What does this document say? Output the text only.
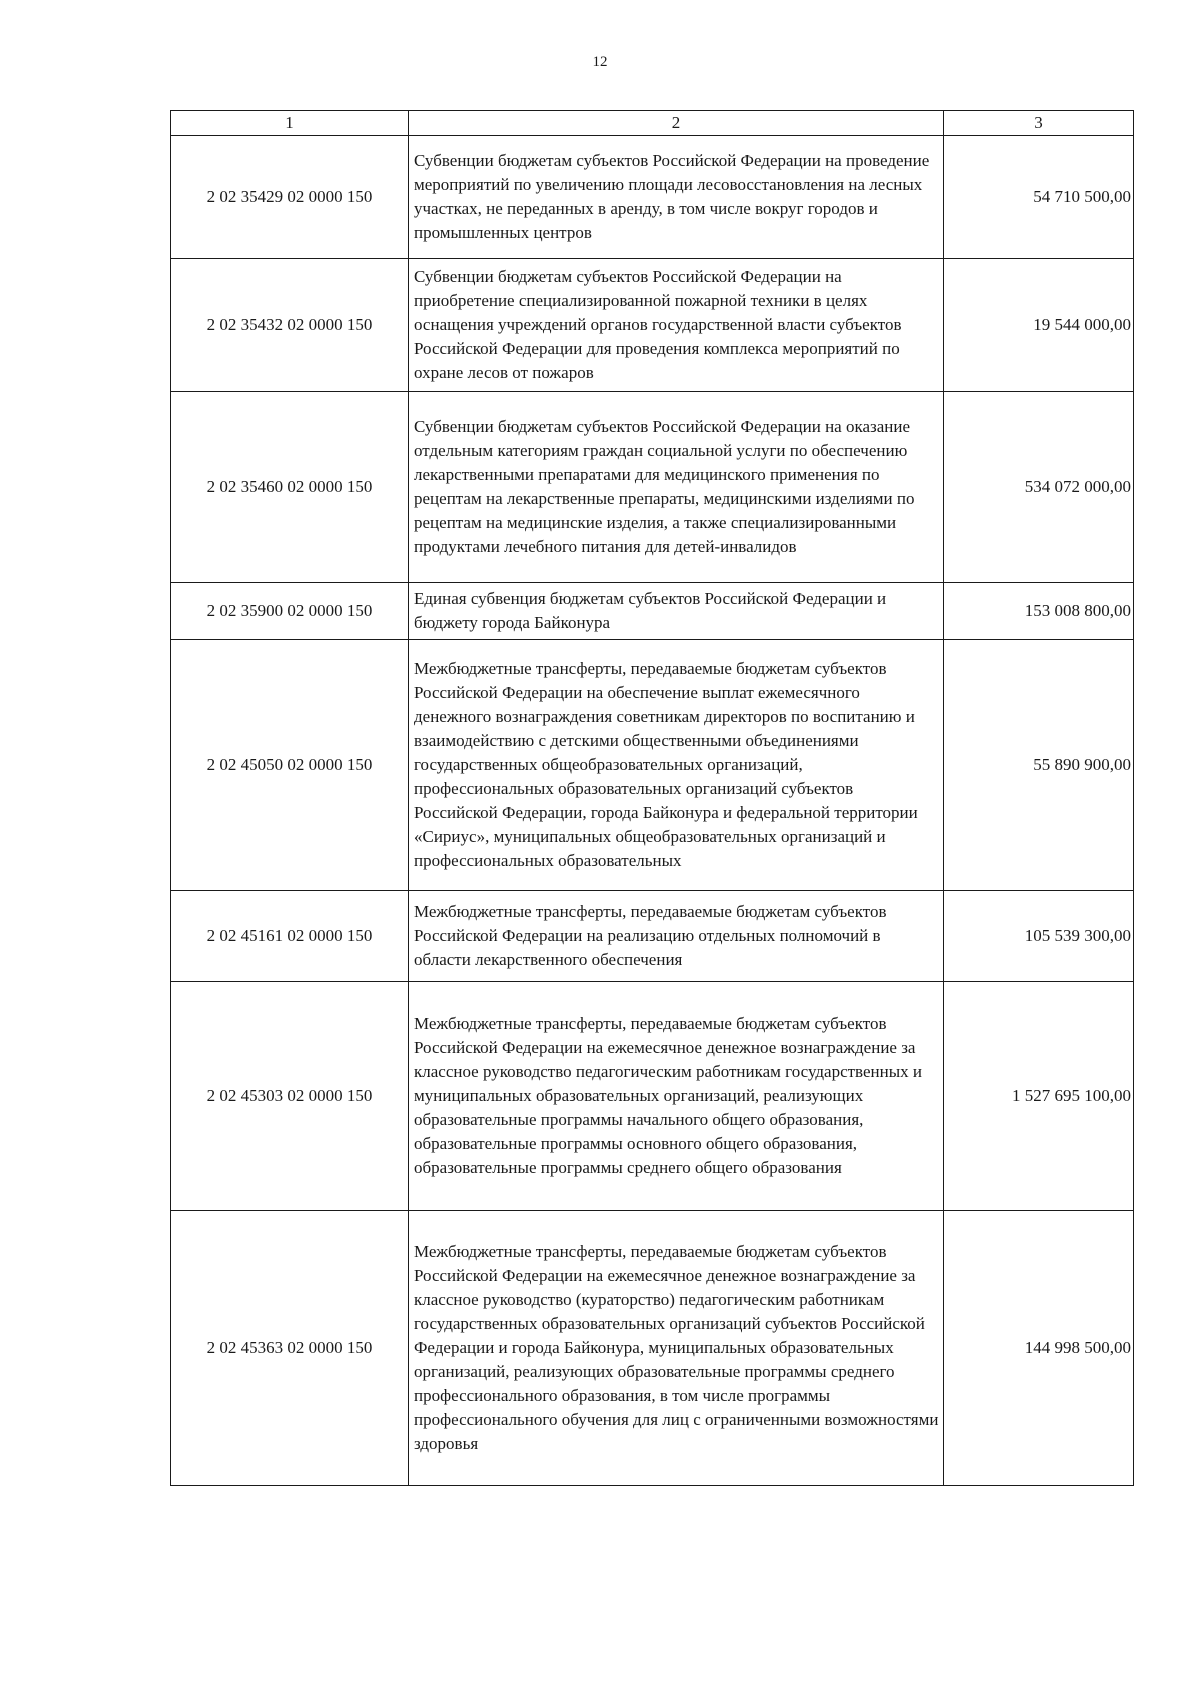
12
1	2	3
2 02 35429 02 0000 150	Субвенции бюджетам субъектов Российской Федерации на проведение мероприятий по увеличению площади лесовосстановления на лесных участках, не переданных в аренду, в том числе вокруг городов и промышленных центров	54 710 500,00
2 02 35432 02 0000 150	Субвенции бюджетам субъектов Российской Федерации на приобретение специализированной пожарной техники в целях оснащения учреждений органов государственной власти субъектов Российской Федерации для проведения комплекса мероприятий по охране лесов от пожаров	19 544 000,00
2 02 35460 02 0000 150	Субвенции бюджетам субъектов Российской Федерации на оказание отдельным категориям граждан социальной услуги по обеспечению лекарственными препаратами для медицинского применения по рецептам на лекарственные препараты, медицинскими изделиями по рецептам на медицинские изделия, а также специализированными продуктами лечебного питания для детей-инвалидов	534 072 000,00
2 02 35900 02 0000 150	Единая субвенция бюджетам субъектов Российской Федерации и бюджету города Байконура	153 008 800,00
2 02 45050 02 0000 150	Межбюджетные трансферты, передаваемые бюджетам субъектов Российской Федерации на обеспечение выплат ежемесячного денежного вознаграждения советникам директоров по воспитанию и взаимодействию с детскими общественными объединениями государственных общеобразовательных организаций, профессиональных образовательных организаций субъектов Российской Федерации, города Байконура и федеральной территории «Сириус», муниципальных общеобразовательных организаций и профессиональных образовательных	55 890 900,00
2 02 45161 02 0000 150	Межбюджетные трансферты, передаваемые бюджетам субъектов Российской Федерации на реализацию отдельных полномочий в области лекарственного обеспечения	105 539 300,00
2 02 45303 02 0000 150	Межбюджетные трансферты, передаваемые бюджетам субъектов Российской Федерации на ежемесячное денежное вознаграждение за классное руководство педагогическим работникам государственных и муниципальных образовательных организаций, реализующих образовательные программы начального общего образования, образовательные программы основного общего образования, образовательные программы среднего общего образования	1 527 695 100,00
2 02 45363 02 0000 150	Межбюджетные трансферты, передаваемые бюджетам субъектов Российской Федерации на ежемесячное денежное вознаграждение за классное руководство (кураторство) педагогическим работникам государственных образовательных организаций субъектов Российской Федерации и города Байконура, муниципальных образовательных организаций, реализующих образовательные программы среднего профессионального образования, в том числе программы профессионального обучения для лиц с ограниченными возможностями здоровья	144 998 500,00
